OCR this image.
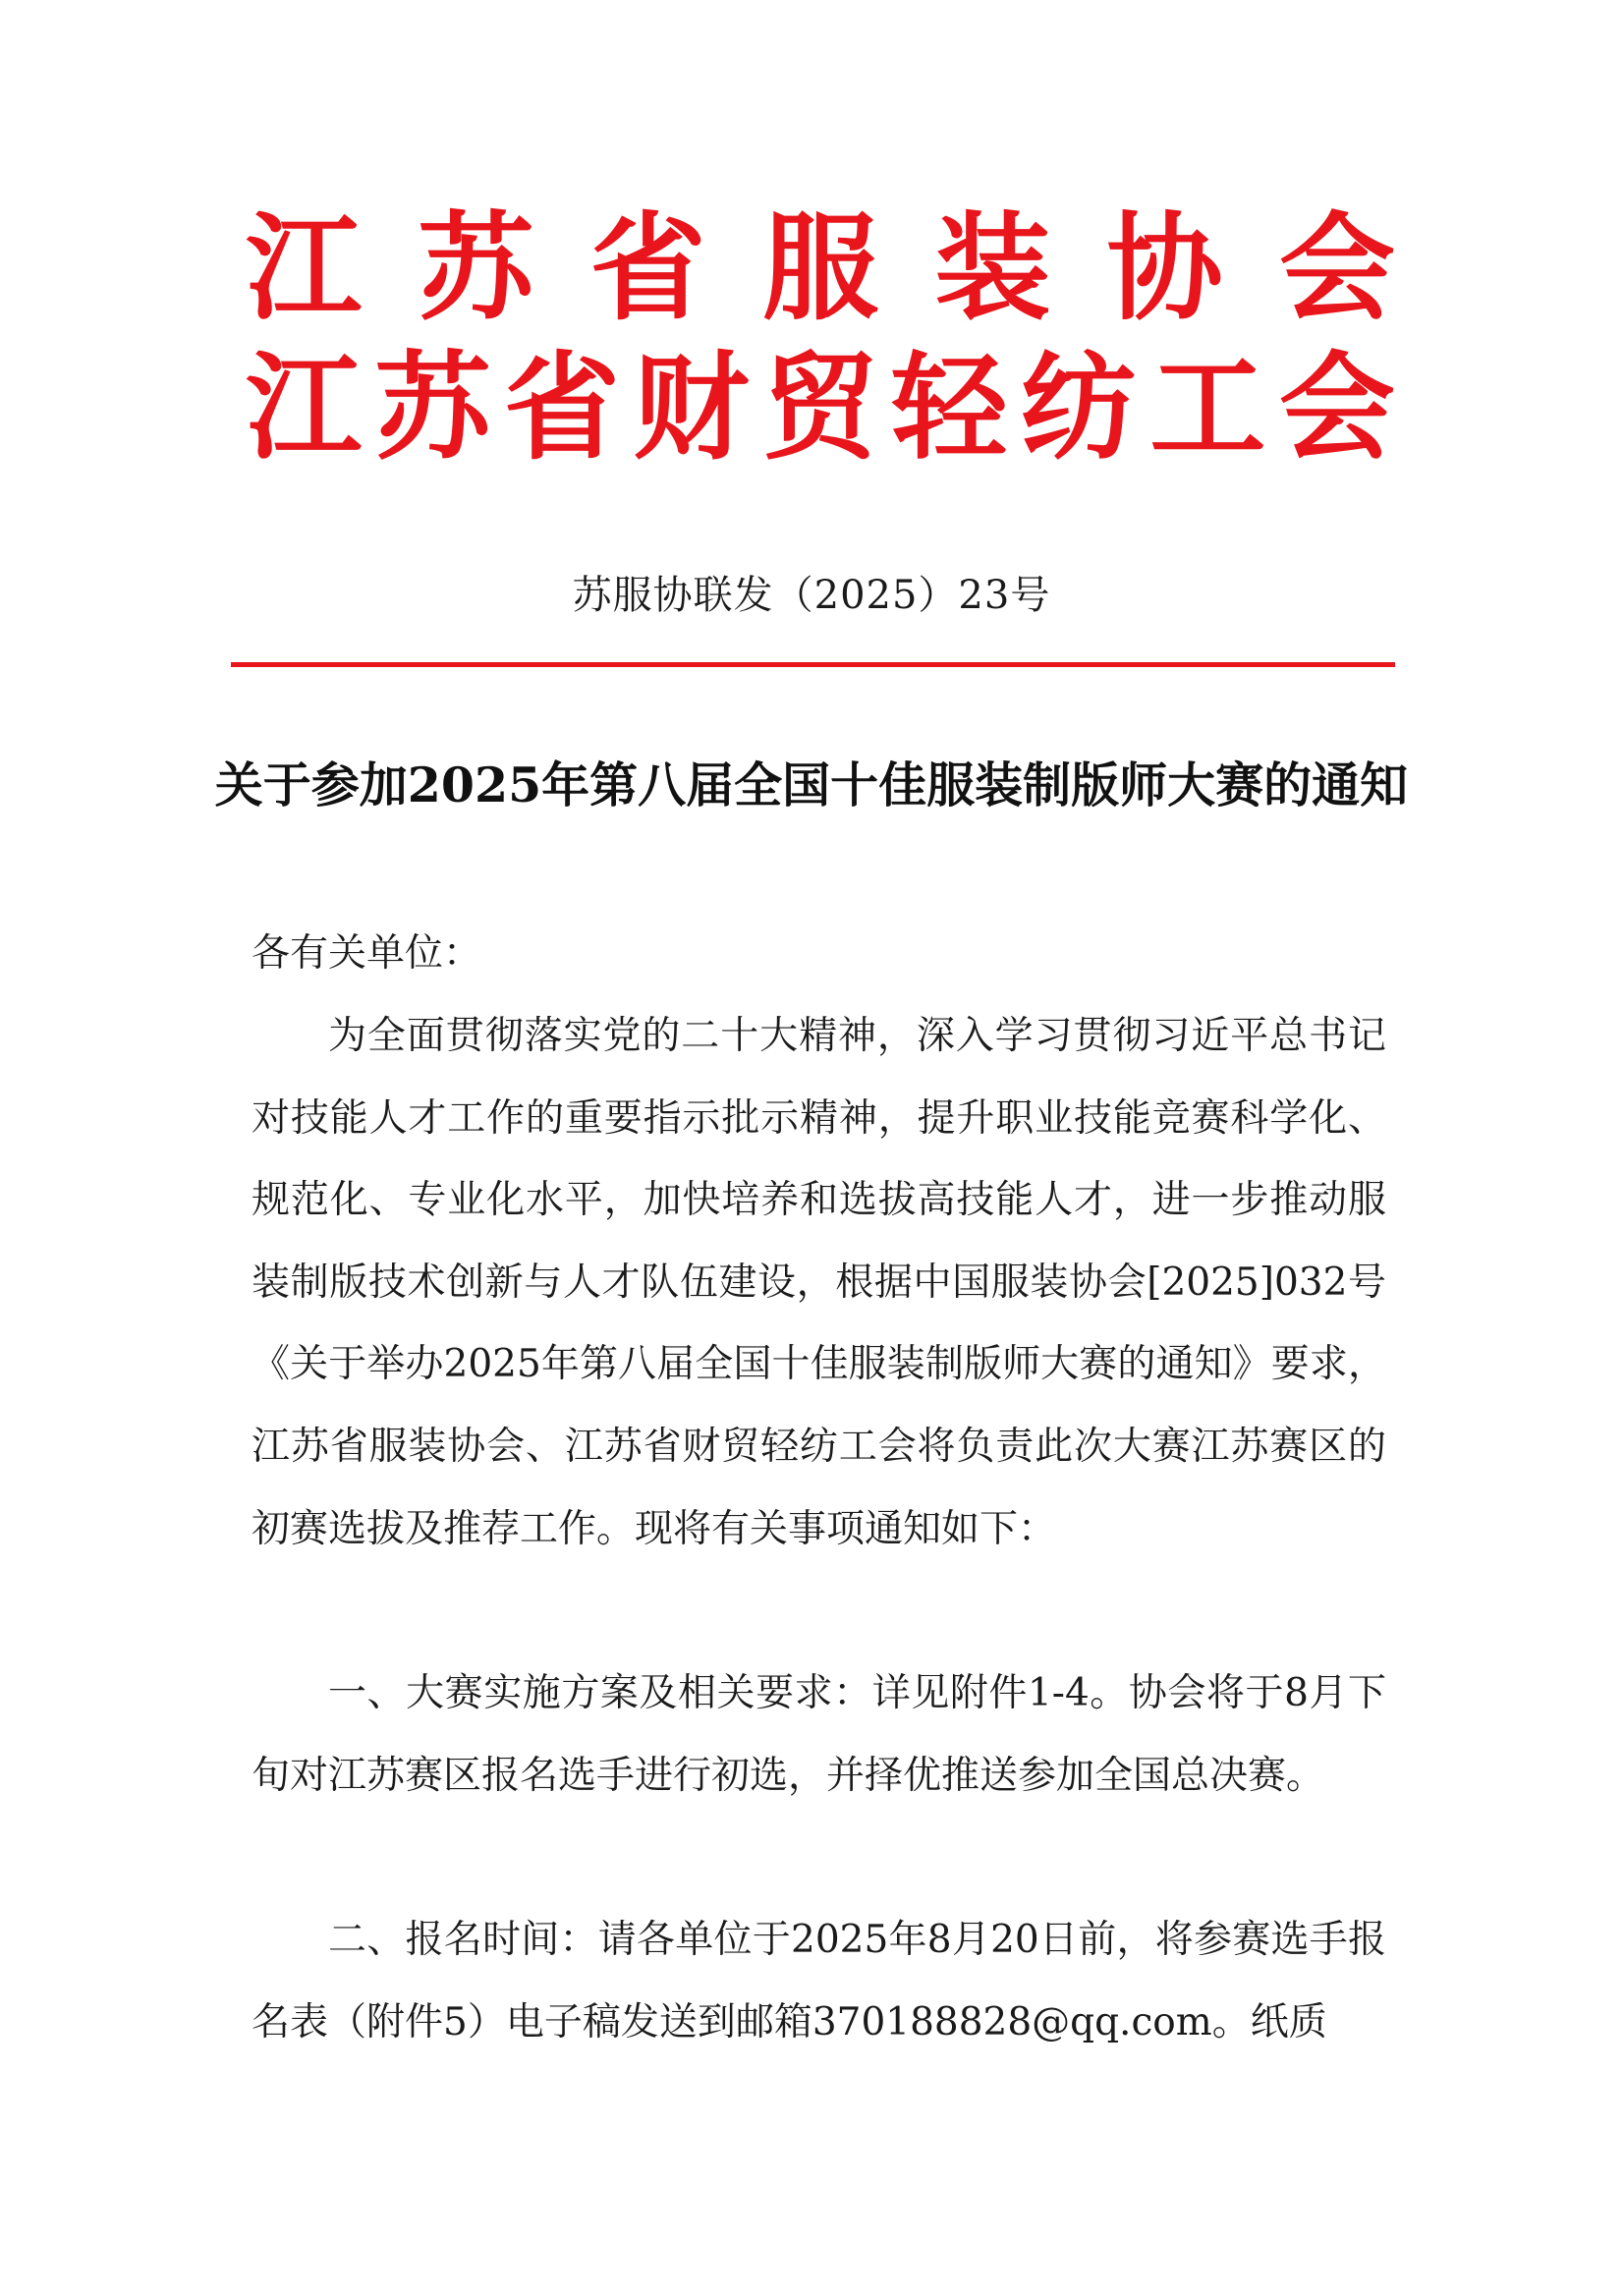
江 苏 省 服 装 协 会
江 苏 省 财 贸 轻 纺 工 会
苏服协联发（2025）23号
关于参加2025年第八届全国十佳服装制版师大赛的通知
各有关单位：

为全面贯彻落实党的二十大精神，深入学习贯彻习近平总书记对技能人才工作的重要指示批示精神，提升职业技能竞赛科学化、规范化、专业化水平，加快培养和选拔高技能人才，进一步推动服装制版技术创新与人才队伍建设，根据中国服装协会[2025]032号《关于举办2025年第八届全国十佳服装制版师大赛的通知》要求，江苏省服装协会、江苏省财贸轻纺工会将负责此次大赛江苏赛区的初赛选拔及推荐工作。现将有关事项通知如下：

一、大赛实施方案及相关要求：详见附件1-4。协会将于8月下旬对江苏赛区报名选手进行初选，并择优推送参加全国总决赛。

二、报名时间：请各单位于2025年8月20日前，将参赛选手报名表（附件5）电子稿发送到邮箱370188828@qq.com。纸质
